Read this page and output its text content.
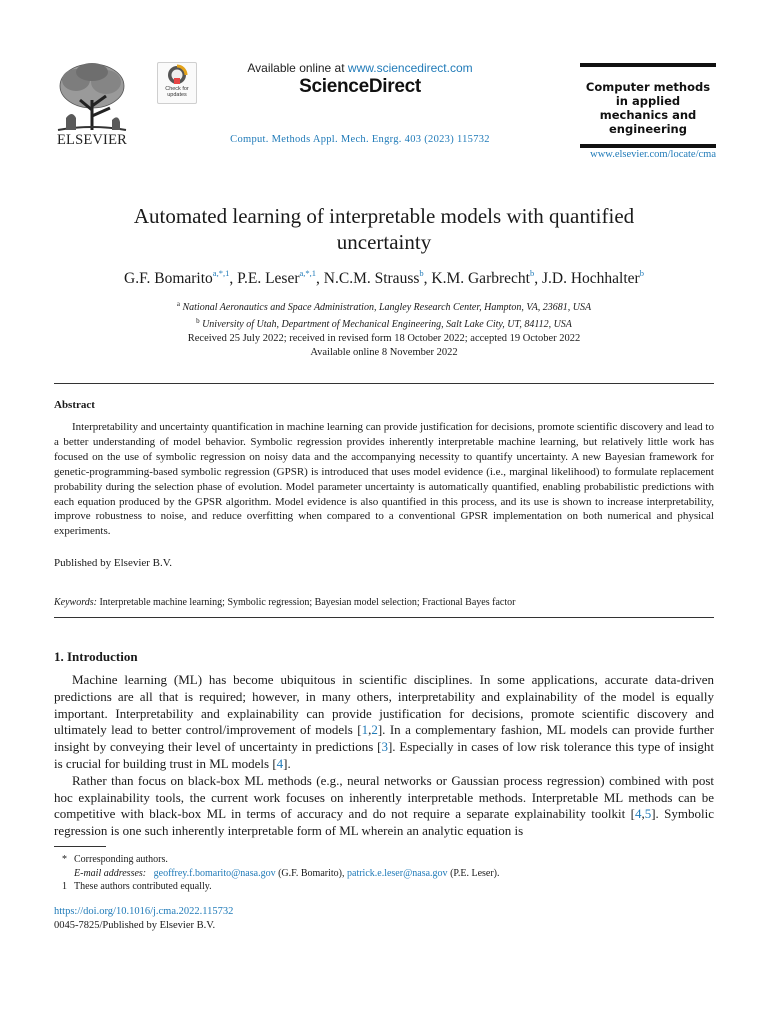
ELSEVIER
Check for updates
Available online at www.sciencedirect.com
ScienceDirect
Comput. Methods Appl. Mech. Engrg. 403 (2023) 115732
Computer methods
in applied
mechanics and
engineering
www.elsevier.com/locate/cma
Automated learning of interpretable models with quantified
uncertainty
G.F. Bomarito$^{a,*,1}$, P.E. Leser$^{a,*,1}$, N.C.M. Strauss$^b$, K.M. Garbrecht$^b$, J.D. Hochhalter$^b$
$^a$ National Aeronautics and Space Administration, Langley Research Center, Hampton, VA, 23681, USA
$^b$ University of Utah, Department of Mechanical Engineering, Salt Lake City, UT, 84112, USA
Received 25 July 2022; received in revised form 18 October 2022; accepted 19 October 2022
Available online 8 November 2022
Abstract
Interpretability and uncertainty quantification in machine learning can provide justification for decisions, promote scientific discovery and lead to a better understanding of model behavior. Symbolic regression provides inherently interpretable machine learning, but relatively little work has focused on the use of symbolic regression on noisy data and the accompanying necessity to quantify uncertainty. A new Bayesian framework for genetic-programming-based symbolic regression (GPSR) is introduced that uses model evidence (i.e., marginal likelihood) to formulate replacement probability during the selection phase of evolution. Model parameter uncertainty is automatically quantified, enabling probabilistic predictions with each equation produced by the GPSR algorithm. Model evidence is also quantified in this process, and its use is shown to increase interpretability, improve robustness to noise, and reduce overfitting when compared to a conventional GPSR implementation on both numerical and physical experiments.
Published by Elsevier B.V.
Keywords: Interpretable machine learning; Symbolic regression; Bayesian model selection; Fractional Bayes factor
1. Introduction

Machine learning (ML) has become ubiquitous in scientific disciplines. In some applications, accurate data-driven predictions are all that is required; however, in many others, interpretability and explainability of the model is equally important. Interpretability and explainability can provide justification for decisions, promote scientific discovery and ultimately lead to better control/improvement of models [1,2]. In a complementary fashion, ML models can provide further insight by conveying their level of uncertainty in predictions [3]. Especially in cases of low risk tolerance this type of insight is crucial for building trust in ML models [4].

Rather than focus on black-box ML methods (e.g., neural networks or Gaussian process regression) combined with post hoc explainability tools, the current work focuses on inherently interpretable methods. Interpretable ML methods can be competitive with black-box ML in terms of accuracy and do not require a separate explainability toolkit [4,5]. Symbolic regression is one such inherently interpretable form of ML wherein an analytic equation is

* Corresponding authors.
E-mail addresses: geoffrey.f.bomarito@nasa.gov (G.F. Bomarito), patrick.e.leser@nasa.gov (P.E. Leser).
1 These authors contributed equally.
https://doi.org/10.1016/j.cma.2022.115732
0045-7825/Published by Elsevier B.V.
